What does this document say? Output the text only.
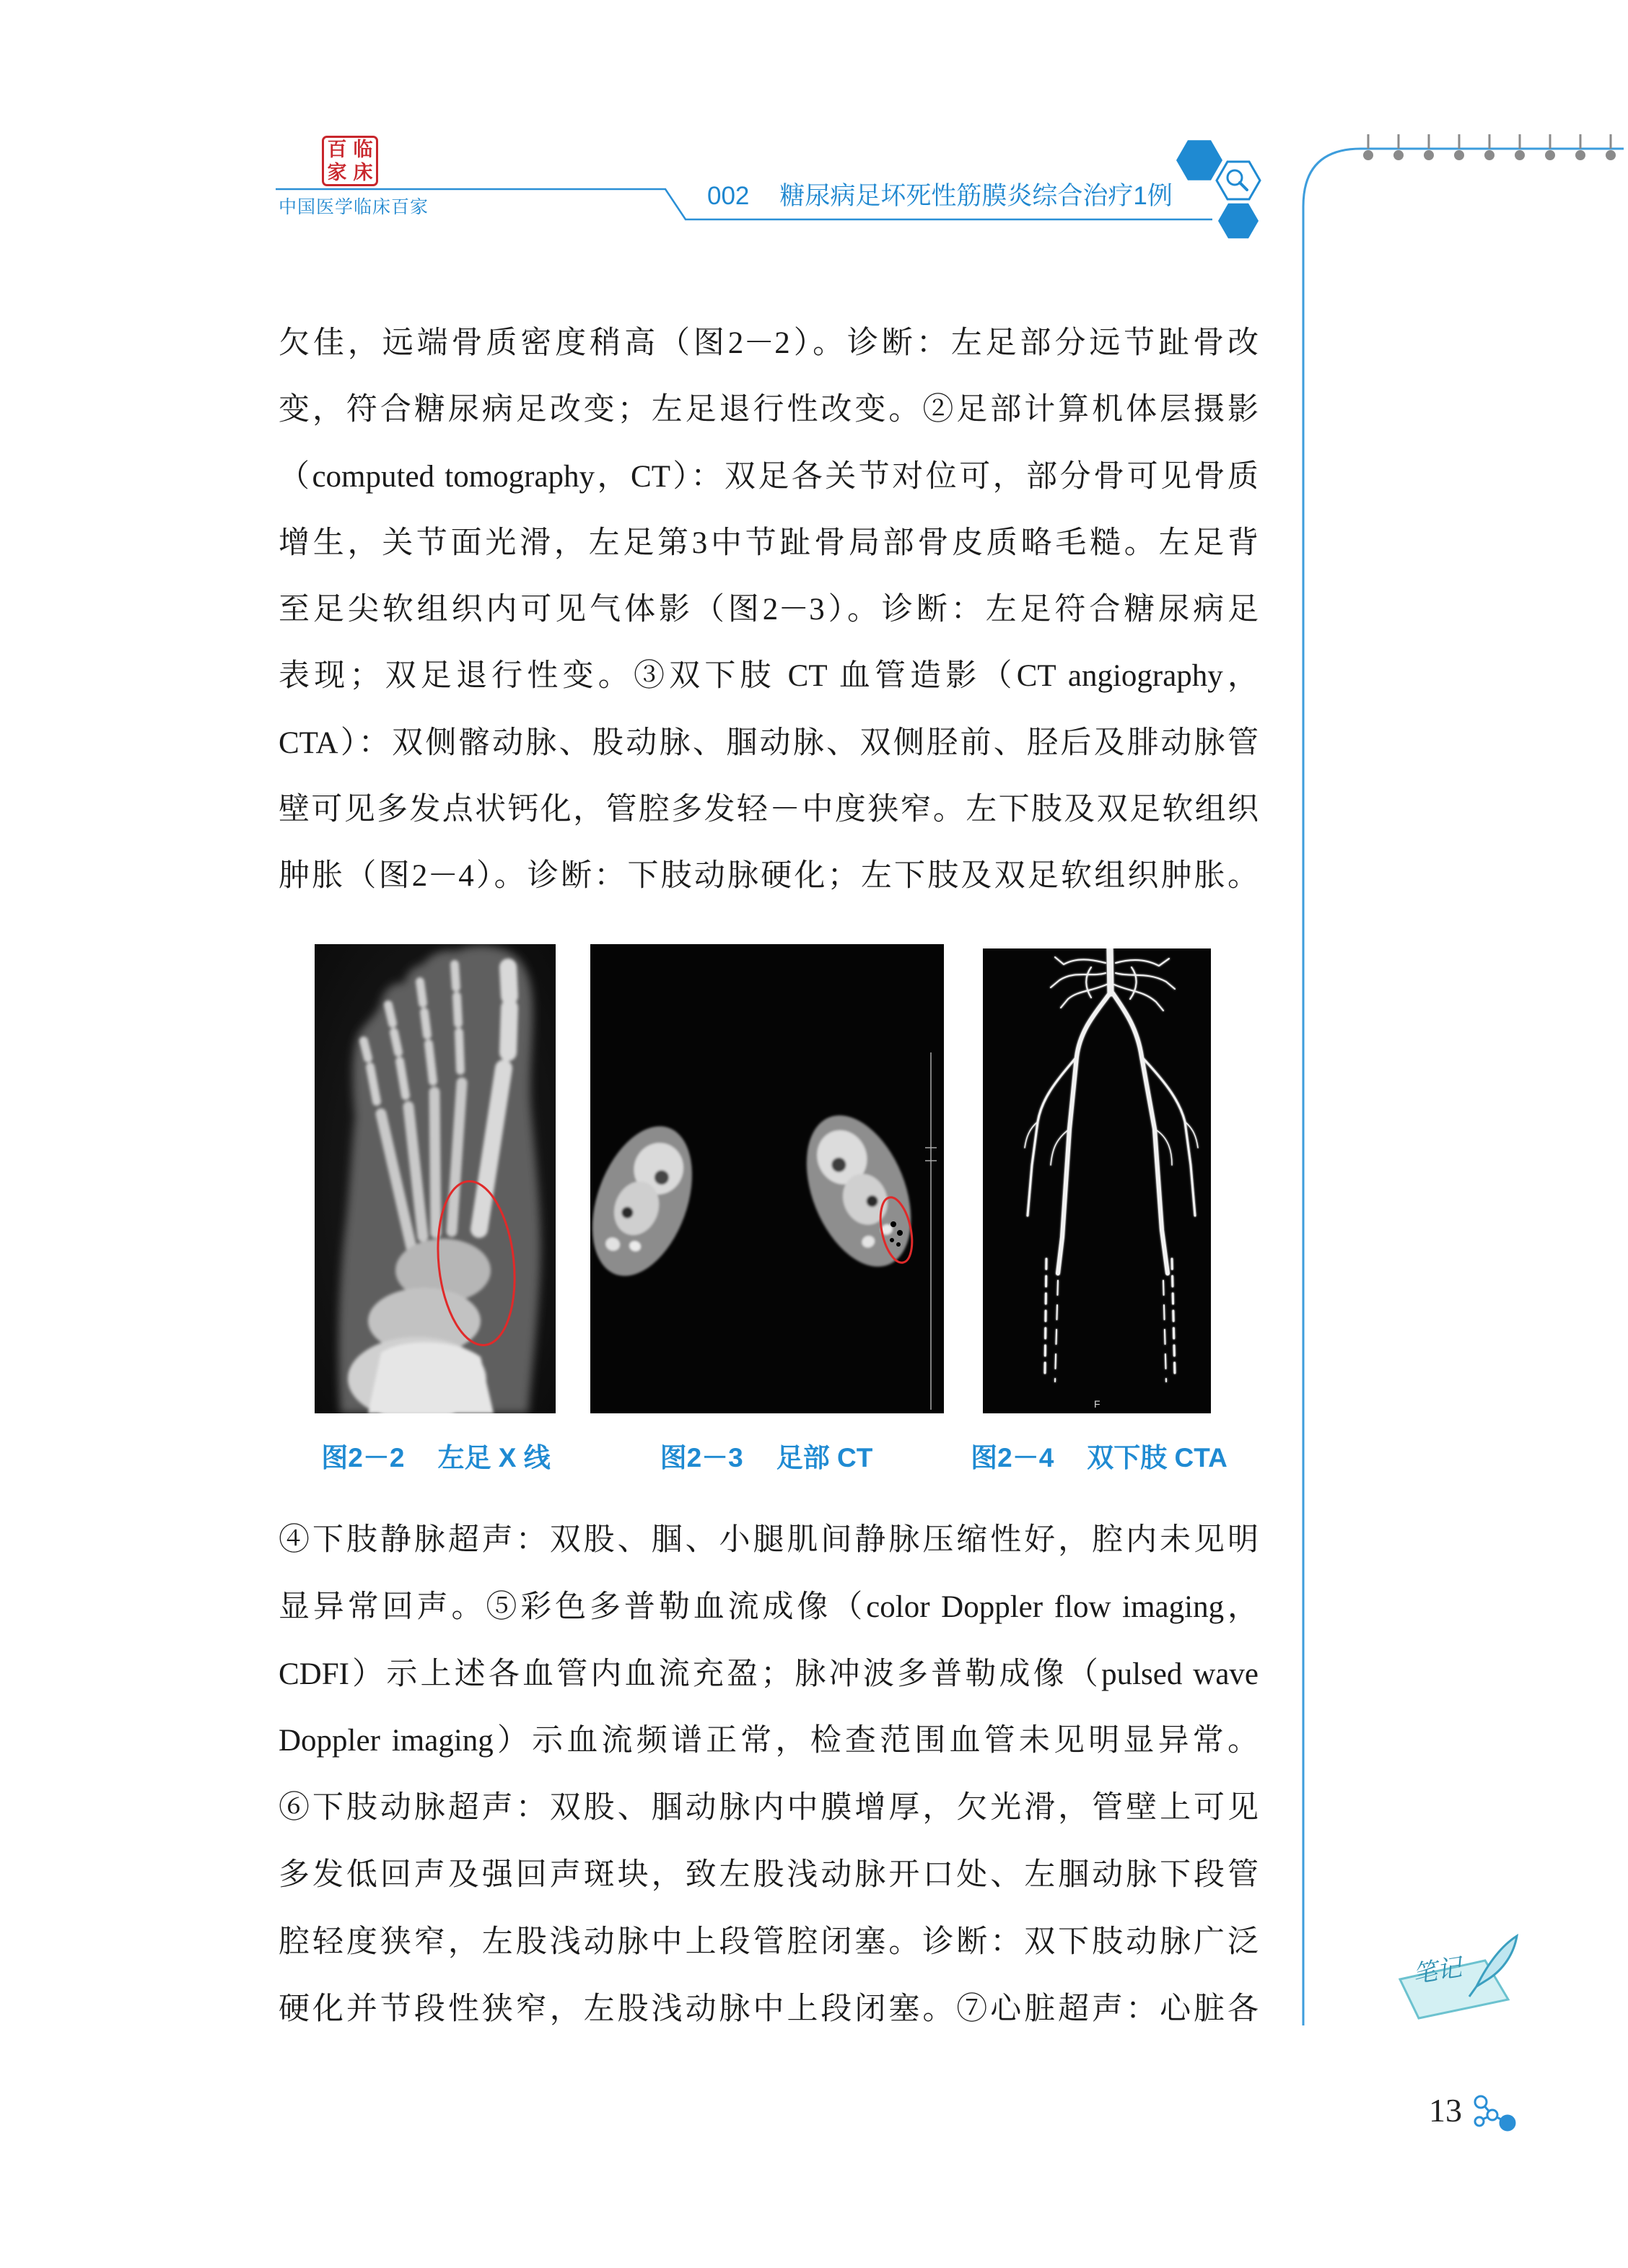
百 临
家 床
中国医学临床百家	002 糖尿病足坏死性筋膜炎综合治疗1例
欠佳，远端骨质密度稍高（图2－2）。诊断：左足部分远节趾骨改
变，符合糖尿病足改变；左足退行性改变。②足部计算机体层摄影
（computed tomography，CT）：双足各关节对位可，部分骨可见骨质
增生，关节面光滑，左足第3中节趾骨局部骨皮质略毛糙。左足背
至足尖软组织内可见气体影（图2－3）。诊断：左足符合糖尿病足
表现；双足退行性变。③双下肢 CT 血管造影（CT angiography，
CTA）：双侧髂动脉、股动脉、腘动脉、双侧胫前、胫后及腓动脉管
壁可见多发点状钙化，管腔多发轻－中度狭窄。左下肢及双足软组织
肿胀（图2－4）。诊断：下肢动脉硬化；左下肢及双足软组织肿胀。
F
图2－2 左足 X 线	图2－3 足部 CT	图2－4 双下肢 CTA
④下肢静脉超声：双股、腘、小腿肌间静脉压缩性好，腔内未见明
显异常回声。⑤彩色多普勒血流成像（color Doppler flow imaging，
CDFI）示上述各血管内血流充盈；脉冲波多普勒成像（pulsed wave
Doppler imaging）示血流频谱正常，检查范围血管未见明显异常。
⑥下肢动脉超声：双股、腘动脉内中膜增厚，欠光滑，管壁上可见
多发低回声及强回声斑块，致左股浅动脉开口处、左腘动脉下段管
腔轻度狭窄，左股浅动脉中上段管腔闭塞。诊断：双下肢动脉广泛
硬化并节段性狭窄，左股浅动脉中上段闭塞。⑦心脏超声：心脏各
笔记
13
